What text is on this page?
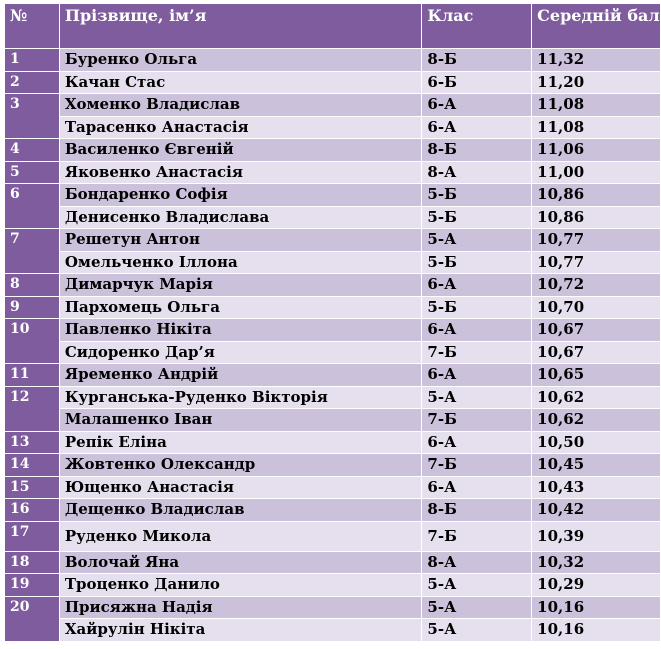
№	Прізвище, ім’я	Клас	Середній бал
1	Буренко Ольга	8-Б	11,32
2	Качан Стас	6-Б	11,20
3	Хоменко Владислав	6-А	11,08
	Тарасенко Анастасія	6-А	11,08
4	Василенко Євгеній	8-Б	11,06
5	Яковенко Анастасія	8-А	11,00
6	Бондаренко Софія	5-Б	10,86
	Денисенко Владислава	5-Б	10,86
7	Решетун Антон	5-А	10,77
	Омельченко Іллона	5-Б	10,77
8	Димарчук Марія	6-А	10,72
9	Пархомець Ольга	5-Б	10,70
10	Павленко Нікіта	6-А	10,67
	Сидоренко Дар’я	7-Б	10,67
11	Яременко Андрій	6-А	10,65
12	Курганська-Руденко Вікторія	5-А	10,62
	Малашенко Іван	7-Б	10,62
13	Репік Еліна	6-А	10,50
14	Жовтенко Олександр	7-Б	10,45
15	Ющенко Анастасія	6-А	10,43
16	Дещенко Владислав	8-Б	10,42
17	Руденко Микола	7-Б	10,39
18	Волочай Яна	8-А	10,32
19	Троценко Данило	5-А	10,29
20	Присяжна Надія	5-А	10,16
	Хайрулін Нікіта	5-А	10,16
